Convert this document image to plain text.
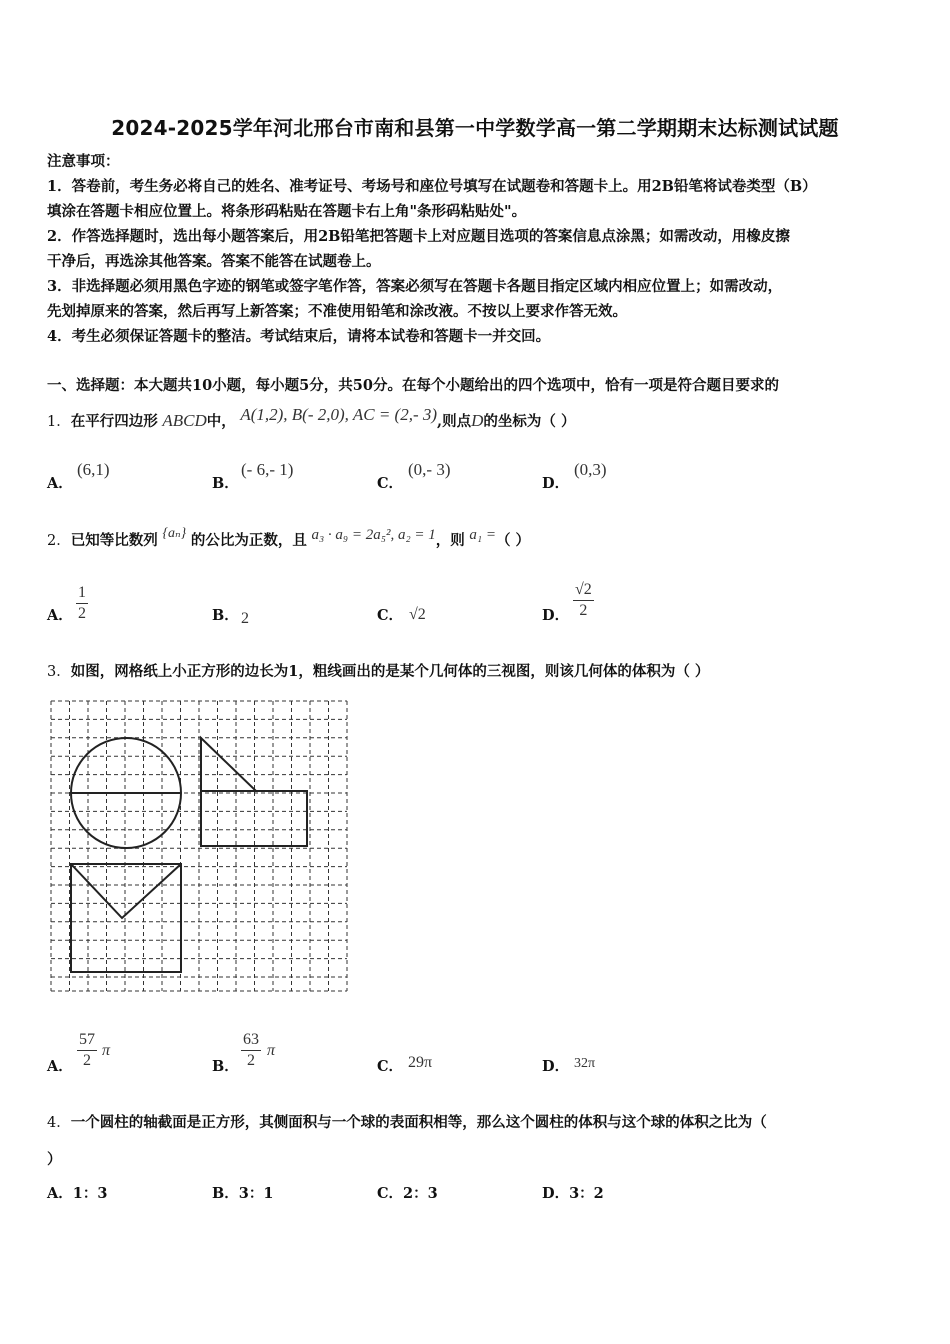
2024-2025学年河北邢台市南和县第一中学数学高一第二学期期末达标测试试题
注意事项：
1．答卷前，考生务必将自己的姓名、准考证号、考场号和座位号填写在试题卷和答题卡上。用2B铅笔将试卷类型（B）
填涂在答题卡相应位置上。将条形码粘贴在答题卡右上角"条形码粘贴处"。
2．作答选择题时，选出每小题答案后，用2B铅笔把答题卡上对应题目选项的答案信息点涂黑；如需改动，用橡皮擦
干净后，再选涂其他答案。答案不能答在试题卷上。
3．非选择题必须用黑色字迹的钢笔或签字笔作答，答案必须写在答题卡各题目指定区域内相应位置上；如需改动，
先划掉原来的答案，然后再写上新答案；不准使用铅笔和涂改液。不按以上要求作答无效。
4．考生必须保证答题卡的整洁。考试结束后，请将本试卷和答题卡一并交回。
一、选择题：本大题共10小题，每小题5分，共50分。在每个小题给出的四个选项中，恰有一项是符合题目要求的
1．在平行四边形 ABCD中， A(1,2), B(- 2,0), AC = (2,- 3),则点D的坐标为（ ）
A．
(6,1)
B．
(- 6,- 1)
C．
(0,- 3)
D．
(0,3)
2．已知等比数列 {aₙ} 的公比为正数，且 a₃ · a₉ = 2a₅², a₂ = 1，则 a₁ =（ ）
A． $\frac{1}{2}$	B． 2	C． √2	D． $\frac{√2}{2}$
3．如图，网格纸上小正方形的边长为1，粗线画出的是某个几何体的三视图，则该几何体的体积为（ ）
A． $\frac{57}{2}$ π
B． $\frac{63}{2}$ π
C． 29π	D． 32π
4．一个圆柱的轴截面是正方形，其侧面积与一个球的表面积相等，那么这个圆柱的体积与这个球的体积之比为（
）
A．1：3	B．3：1	C．2：3	D．3：2
